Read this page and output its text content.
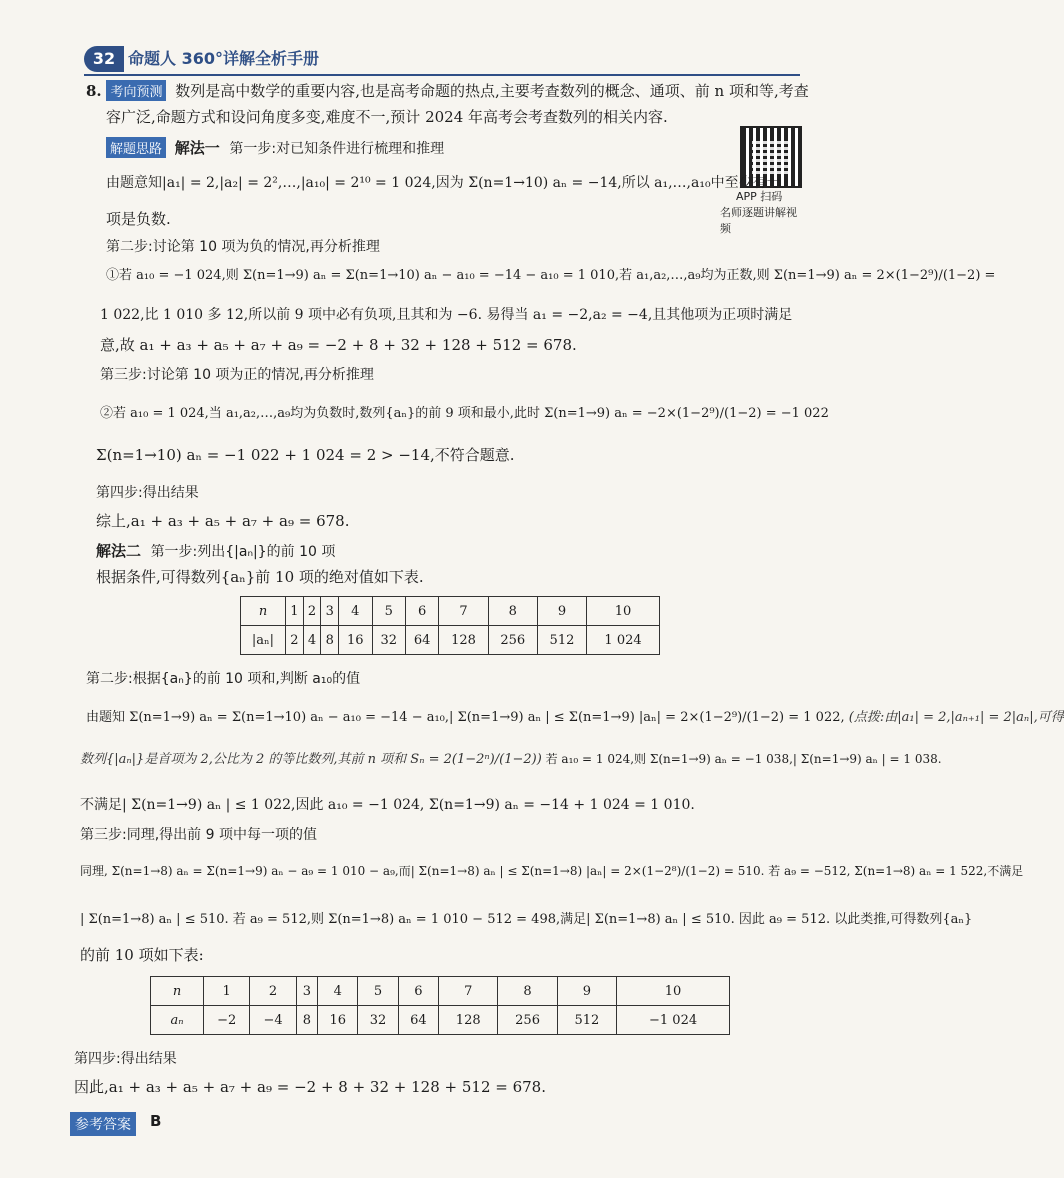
32 命题人 360°详解全析手册
8. 考向预测 数列是高中数学的重要内容,也是高考命题的热点,主要考查数列的概念、通项、前 n 项和等,考查
容广泛,命题方式和设问角度多变,难度不一,预计 2024 年高考会考查数列的相关内容.
APP 扫码
名师逐题讲解视频
解题思路 解法一 第一步:对已知条件进行梳理和推理
由题意知|a₁| = 2,|a₂| = 2²,…,|a₁₀| = 2¹⁰ = 1 024,因为 Σ(n=1→10) aₙ = −14,所以 a₁,…,a₁₀中至少有一
项是负数.
第二步:讨论第 10 项为负的情况,再分析推理
①若 a₁₀ = −1 024,则 Σ(n=1→9) aₙ = Σ(n=1→10) aₙ − a₁₀ = −14 − a₁₀ = 1 010,若 a₁,a₂,…,a₉均为正数,则 Σ(n=1→9) aₙ = 2×(1−2⁹)/(1−2) =
1 022,比 1 010 多 12,所以前 9 项中必有负项,且其和为 −6. 易得当 a₁ = −2,a₂ = −4,且其他项为正项时满足
意,故 a₁ + a₃ + a₅ + a₇ + a₉ = −2 + 8 + 32 + 128 + 512 = 678.
第三步:讨论第 10 项为正的情况,再分析推理
②若 a₁₀ = 1 024,当 a₁,a₂,…,a₉均为负数时,数列{aₙ}的前 9 项和最小,此时 Σ(n=1→9) aₙ = −2×(1−2⁹)/(1−2) = −1 022
Σ(n=1→10) aₙ = −1 022 + 1 024 = 2 > −14,不符合题意.
第四步:得出结果
综上,a₁ + a₃ + a₅ + a₇ + a₉ = 678.
解法二 第一步:列出{|aₙ|}的前 10 项
根据条件,可得数列{aₙ}前 10 项的绝对值如下表.
n	1	2	3	4	5	6	7	8	9	10
|aₙ|	2	4	8	16	32	64	128	256	512	1 024
第二步:根据{aₙ}的前 10 项和,判断 a₁₀的值
由题知 Σ(n=1→9) aₙ = Σ(n=1→10) aₙ − a₁₀ = −14 − a₁₀,| Σ(n=1→9) aₙ | ≤ Σ(n=1→9) |aₙ| = 2×(1−2⁹)/(1−2) = 1 022, (点拨:由|a₁| = 2,|aₙ₊₁| = 2|aₙ|,可得
数列{|aₙ|}是首项为 2,公比为 2 的等比数列,其前 n 项和 Sₙ = 2(1−2ⁿ)/(1−2)) 若 a₁₀ = 1 024,则 Σ(n=1→9) aₙ = −1 038,| Σ(n=1→9) aₙ | = 1 038.
不满足| Σ(n=1→9) aₙ | ≤ 1 022,因此 a₁₀ = −1 024, Σ(n=1→9) aₙ = −14 + 1 024 = 1 010.
第三步:同理,得出前 9 项中每一项的值
同理, Σ(n=1→8) aₙ = Σ(n=1→9) aₙ − a₉ = 1 010 − a₉,而| Σ(n=1→8) aₙ | ≤ Σ(n=1→8) |aₙ| = 2×(1−2⁸)/(1−2) = 510. 若 a₉ = −512, Σ(n=1→8) aₙ = 1 522,不满足
| Σ(n=1→8) aₙ | ≤ 510. 若 a₉ = 512,则 Σ(n=1→8) aₙ = 1 010 − 512 = 498,满足| Σ(n=1→8) aₙ | ≤ 510. 因此 a₉ = 512. 以此类推,可得数列{aₙ}
的前 10 项如下表:
n	1	2	3	4	5	6	7	8	9	10
aₙ	−2	−4	8	16	32	64	128	256	512	−1 024
第四步:得出结果
因此,a₁ + a₃ + a₅ + a₇ + a₉ = −2 + 8 + 32 + 128 + 512 = 678.
参考答案	B
